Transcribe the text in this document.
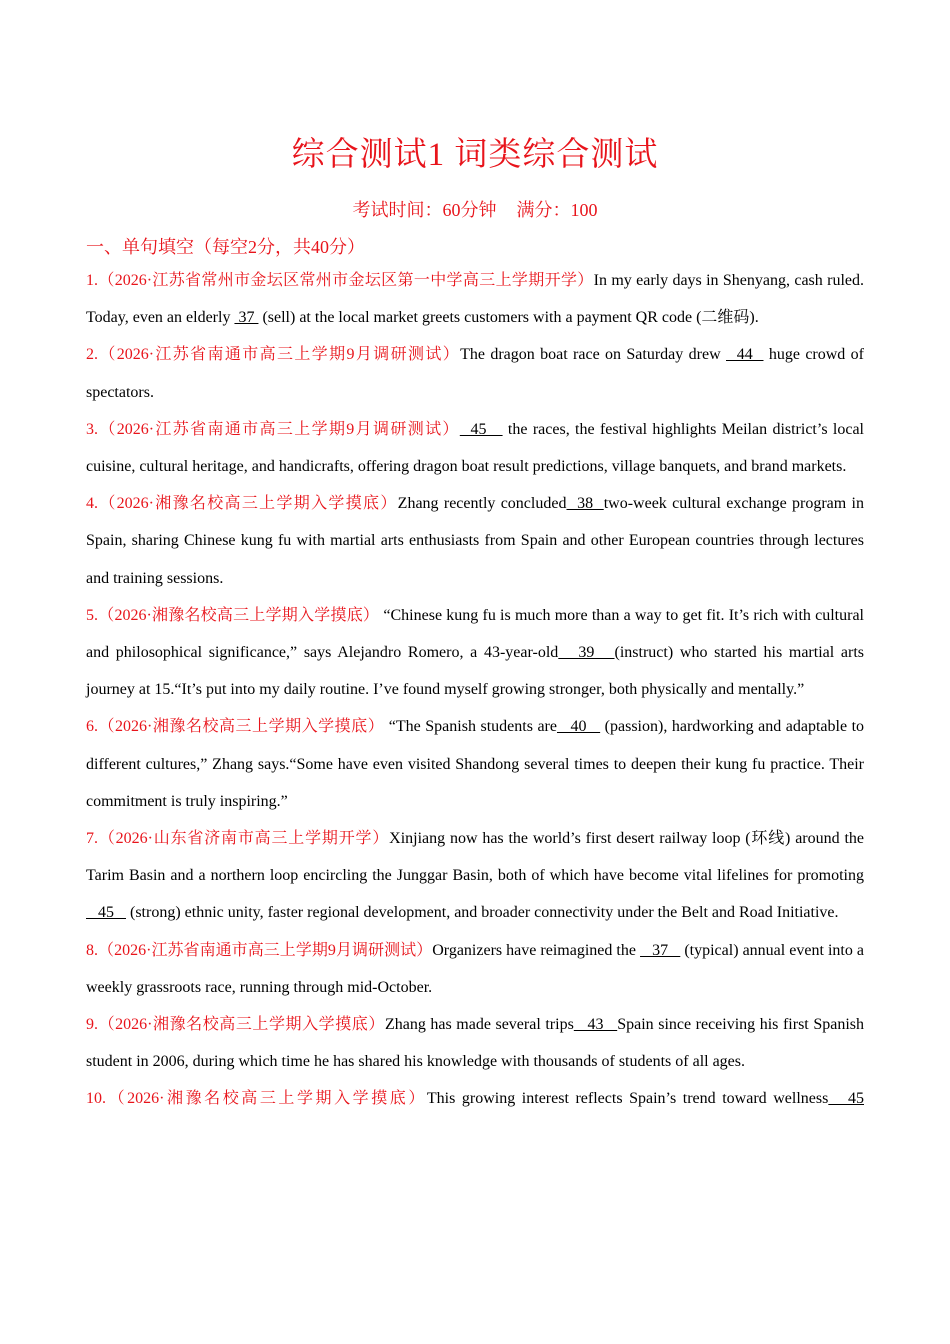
综合测试1 词类综合测试
考试时间：60分钟 满分：100
一、单句填空（每空2分，共40分）

1.（2026·江苏省常州市金坛区常州市金坛区第一中学高三上学期开学）In my early days in Shenyang, cash ruled. Today, even an elderly  37  (sell) at the local market greets customers with a payment QR code (二维码).

2.（2026·江苏省南通市高三上学期9月调研测试）The dragon boat race on Saturday drew   44   huge crowd of spectators.

3.（2026·江苏省南通市高三上学期9月调研测试）  45    the races, the festival highlights Meilan district’s local cuisine, cultural heritage, and handicrafts, offering dragon boat result predictions, village banquets, and brand markets.

4.（2026·湘豫名校高三上学期入学摸底）Zhang recently concluded  38  two-week cultural exchange program in Spain, sharing Chinese kung fu with martial arts enthusiasts from Spain and other European countries through lectures and training sessions.

5.（2026·湘豫名校高三上学期入学摸底） “Chinese kung fu is much more than a way to get fit. It’s rich with cultural and philosophical significance,” says Alejandro Romero, a 43-year-old   39   (instruct) who started his martial arts journey at 15.“It’s put into my daily routine. I’ve found myself growing stronger, both physically and mentally.”

6.（2026·湘豫名校高三上学期入学摸底） “The Spanish students are   40    (passion), hardworking and adaptable to different cultures,” Zhang says.“Some have even visited Shandong several times to deepen their kung fu practice. Their commitment is truly inspiring.”

7.（2026·山东省济南市高三上学期开学）Xinjiang now has the world’s first desert railway loop (环线) around the Tarim Basin and a northern loop encircling the Junggar Basin, both of which have become vital lifelines for promoting    45    (strong) ethnic unity, faster regional development, and broader connectivity under the Belt and Road Initiative.

8.（2026·江苏省南通市高三上学期9月调研测试）Organizers have reimagined the    37    (typical) annual event into a weekly grassroots race, running through mid-October.

9.（2026·湘豫名校高三上学期入学摸底）Zhang has made several trips   43   Spain since receiving his first Spanish student in 2006, during which time he has shared his knowledge with thousands of students of all ages.

10.（2026·湘豫名校高三上学期入学摸底）This growing interest reflects Spain’s trend toward wellness   45
